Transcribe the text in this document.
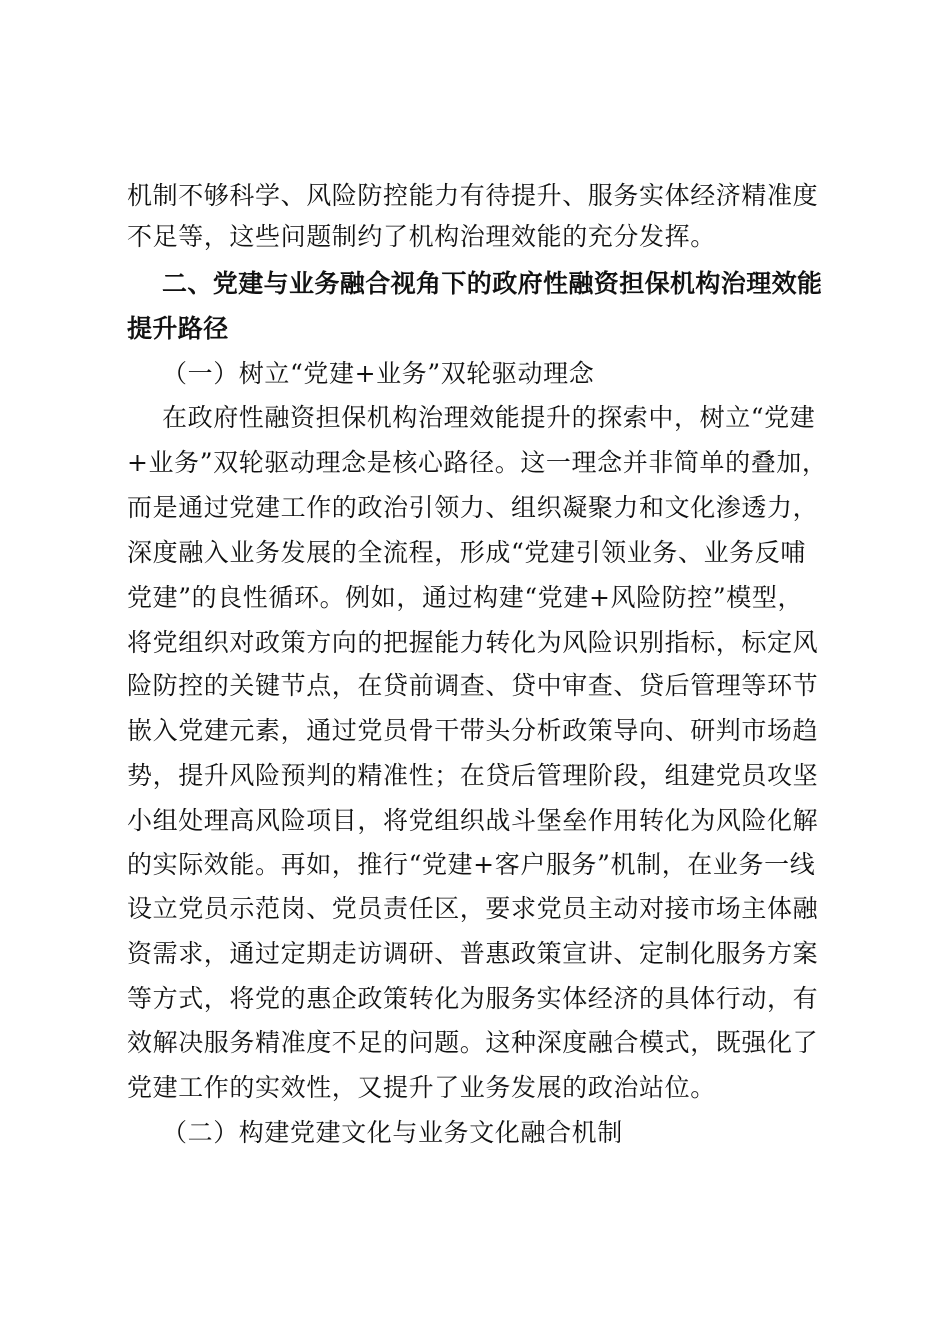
机制不够科学、风险防控能力有待提升、服务实体经济精准度
不足等，这些问题制约了机构治理效能的充分发挥。
二、党建与业务融合视角下的政府性融资担保机构治理效能
提升路径
（一）树立“党建+业务”双轮驱动理念
在政府性融资担保机构治理效能提升的探索中，树立“党建
+业务”双轮驱动理念是核心路径。这一理念并非简单的叠加，
而是通过党建工作的政治引领力、组织凝聚力和文化渗透力，
深度融入业务发展的全流程，形成“党建引领业务、业务反哺
党建”的良性循环。例如，通过构建“党建+风险防控”模型，
将党组织对政策方向的把握能力转化为风险识别指标，标定风
险防控的关键节点，在贷前调查、贷中审查、贷后管理等环节
嵌入党建元素，通过党员骨干带头分析政策导向、研判市场趋
势，提升风险预判的精准性；在贷后管理阶段，组建党员攻坚
小组处理高风险项目，将党组织战斗堡垒作用转化为风险化解
的实际效能。再如，推行“党建+客户服务”机制，在业务一线
设立党员示范岗、党员责任区，要求党员主动对接市场主体融
资需求，通过定期走访调研、普惠政策宣讲、定制化服务方案
等方式，将党的惠企政策转化为服务实体经济的具体行动，有
效解决服务精准度不足的问题。这种深度融合模式，既强化了
党建工作的实效性，又提升了业务发展的政治站位。
（二）构建党建文化与业务文化融合机制
